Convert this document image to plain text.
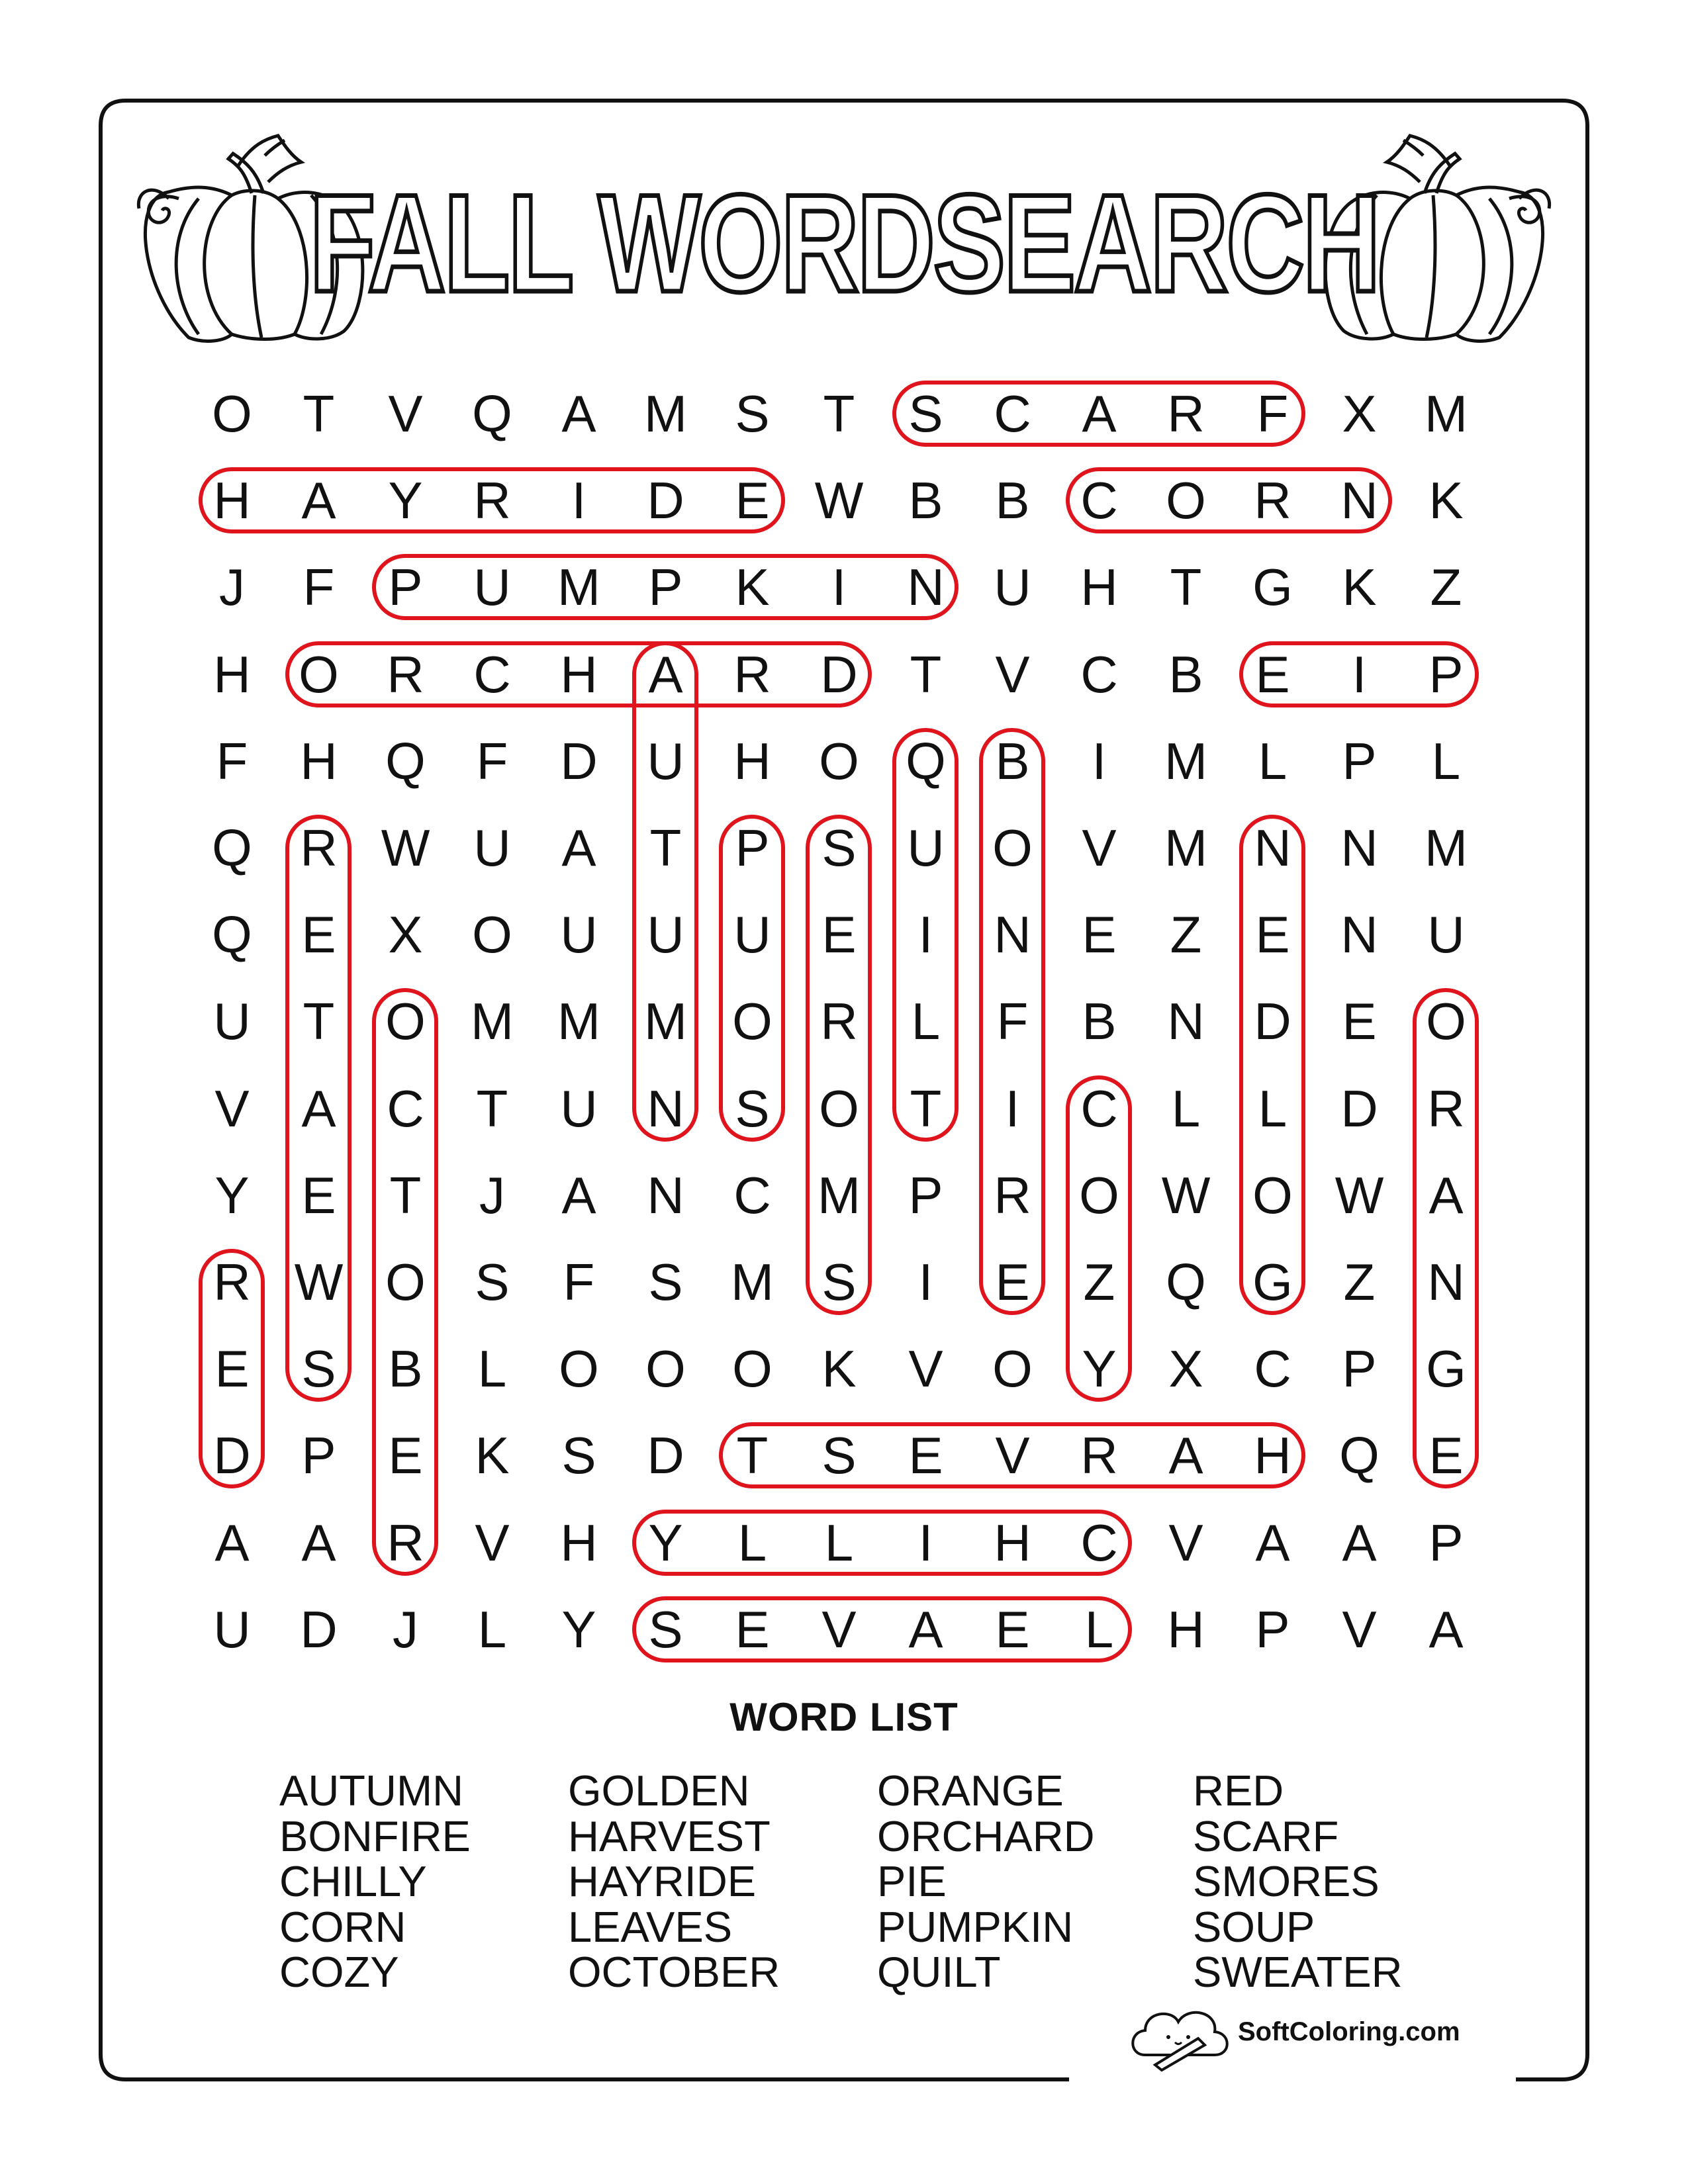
FALL WORDSEARCH
O T	V Q A M S	T	S C A R	F	X M
H A	Y R	I	D E W B	B C O R N K
J	F	P U M P	K	I	N U H	T G K	Z
H O R C H A R D	T	V C B	E	I	P
F	H Q F	D U H O Q B	I	M L	P	L
Q R W U A	T	P	S U O V M N N M
Q E	X O U U U E	I	N E	Z	E N U
U	T O M M M O R	L	F	B N D E O
V	A C	T	U N S O T	I	C	L	L	D R
Y	E	T	J	A N C M P R O W O W A
R W O S	F	S M S	I	E	Z Q G Z	N
E	S	B	L	O O O K	V O Y	X C P G
D P	E	K	S D	T	S	E	V R A H Q E
A	A R V H Y	L	L	I	H C V	A	A	P
U D	J	L	Y	S	E	V	A	E	L	H P	V	A
WORD LIST
AUTUMN
BONFIRE
CHILLY
CORN
COZY
GOLDEN
HARVEST
HAYRIDE
LEAVES
OCTOBER
ORANGE
ORCHARD
PIE
PUMPKIN
QUILT
RED
SCARF
SMORES
SOUP
SWEATER
SoftColoring.com
